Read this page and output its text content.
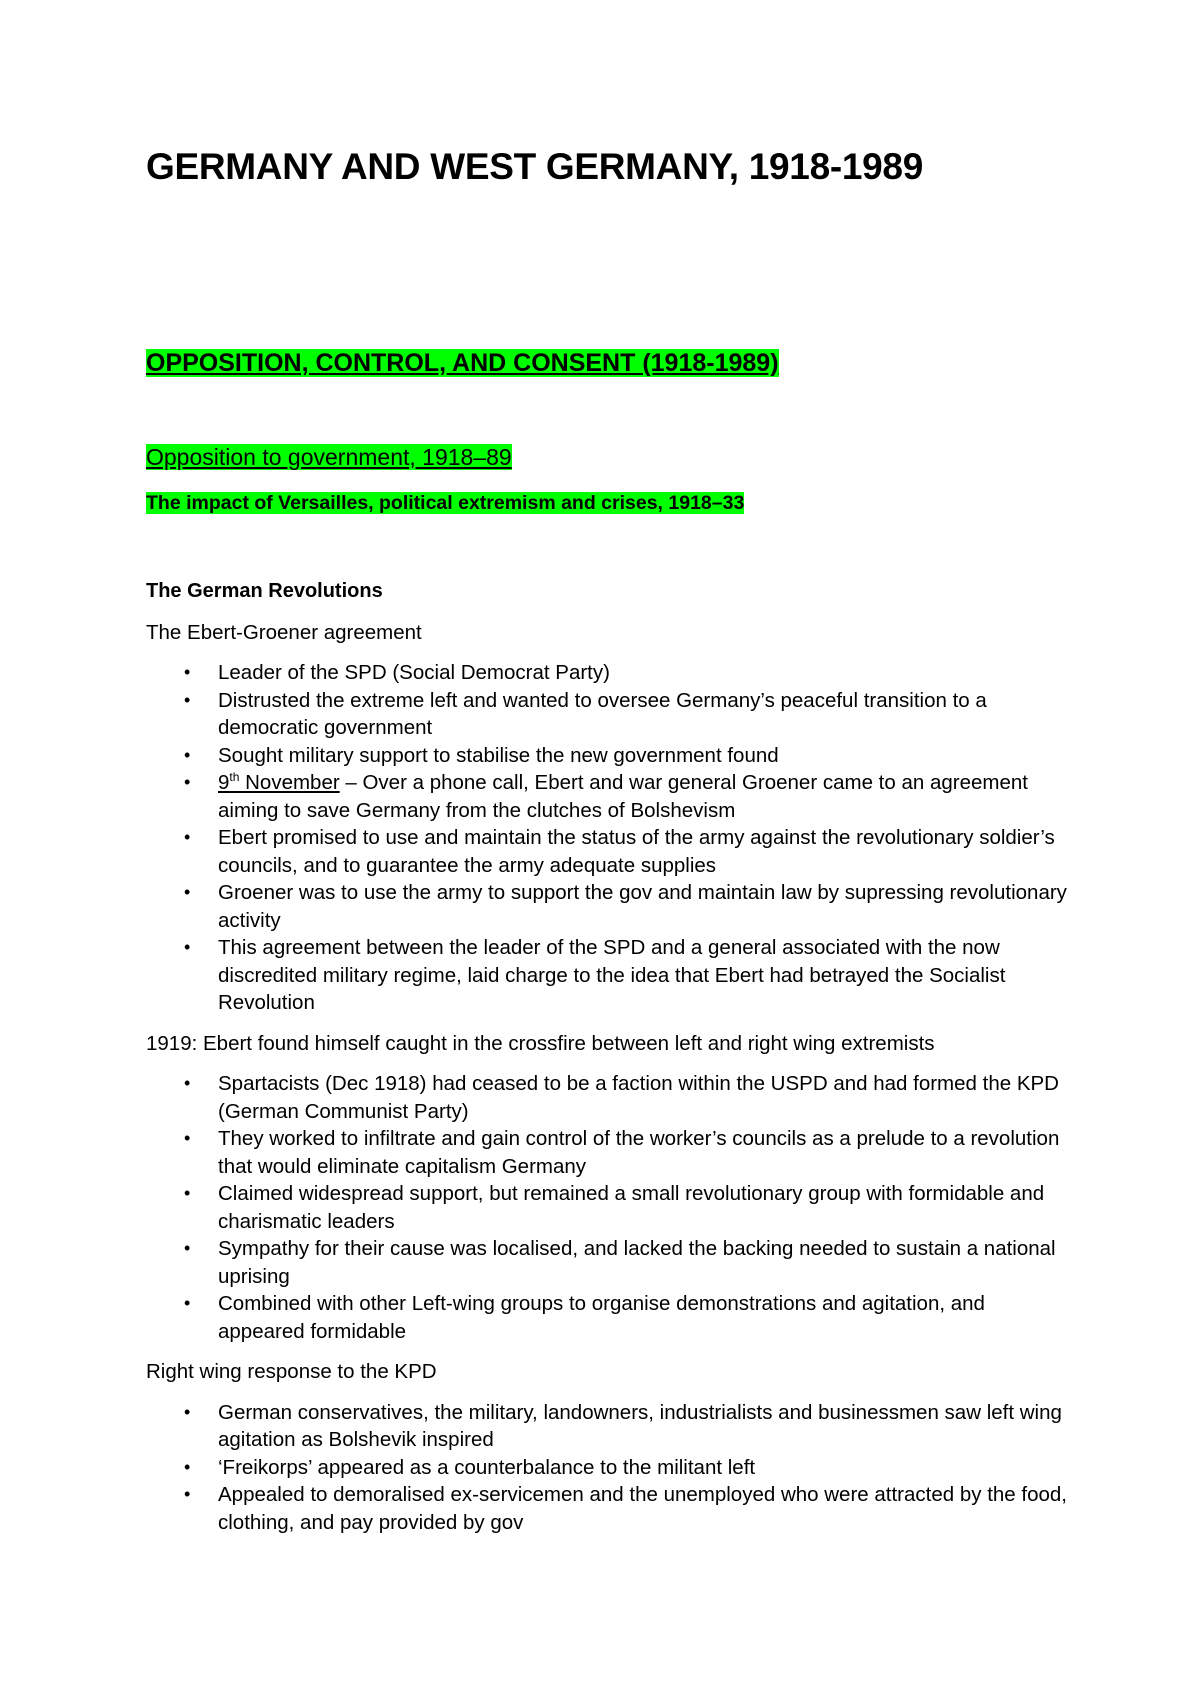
GERMANY AND WEST GERMANY, 1918-1989
OPPOSITION, CONTROL, AND CONSENT (1918-1989)
Opposition to government, 1918–89
The impact of Versailles, political extremism and crises, 1918–33

The German Revolutions

The Ebert-Groener agreement

• Leader of the SPD (Social Democrat Party)
• Distrusted the extreme left and wanted to oversee Germany’s peaceful transition to a democratic government
• Sought military support to stabilise the new government found
• 9th November – Over a phone call, Ebert and war general Groener came to an agreement aiming to save Germany from the clutches of Bolshevism
• Ebert promised to use and maintain the status of the army against the revolutionary soldier’s councils, and to guarantee the army adequate supplies
• Groener was to use the army to support the gov and maintain law by supressing revolutionary activity
• This agreement between the leader of the SPD and a general associated with the now discredited military regime, laid charge to the idea that Ebert had betrayed the Socialist Revolution

1919: Ebert found himself caught in the crossfire between left and right wing extremists

• Spartacists (Dec 1918) had ceased to be a faction within the USPD and had formed the KPD (German Communist Party)
• They worked to infiltrate and gain control of the worker’s councils as a prelude to a revolution that would eliminate capitalism Germany
• Claimed widespread support, but remained a small revolutionary group with formidable and charismatic leaders
• Sympathy for their cause was localised, and lacked the backing needed to sustain a national uprising
• Combined with other Left-wing groups to organise demonstrations and agitation, and appeared formidable

Right wing response to the KPD

• German conservatives, the military, landowners, industrialists and businessmen saw left wing agitation as Bolshevik inspired
• ‘Freikorps’ appeared as a counterbalance to the militant left
• Appealed to demoralised ex-servicemen and the unemployed who were attracted by the food, clothing, and pay provided by gov
